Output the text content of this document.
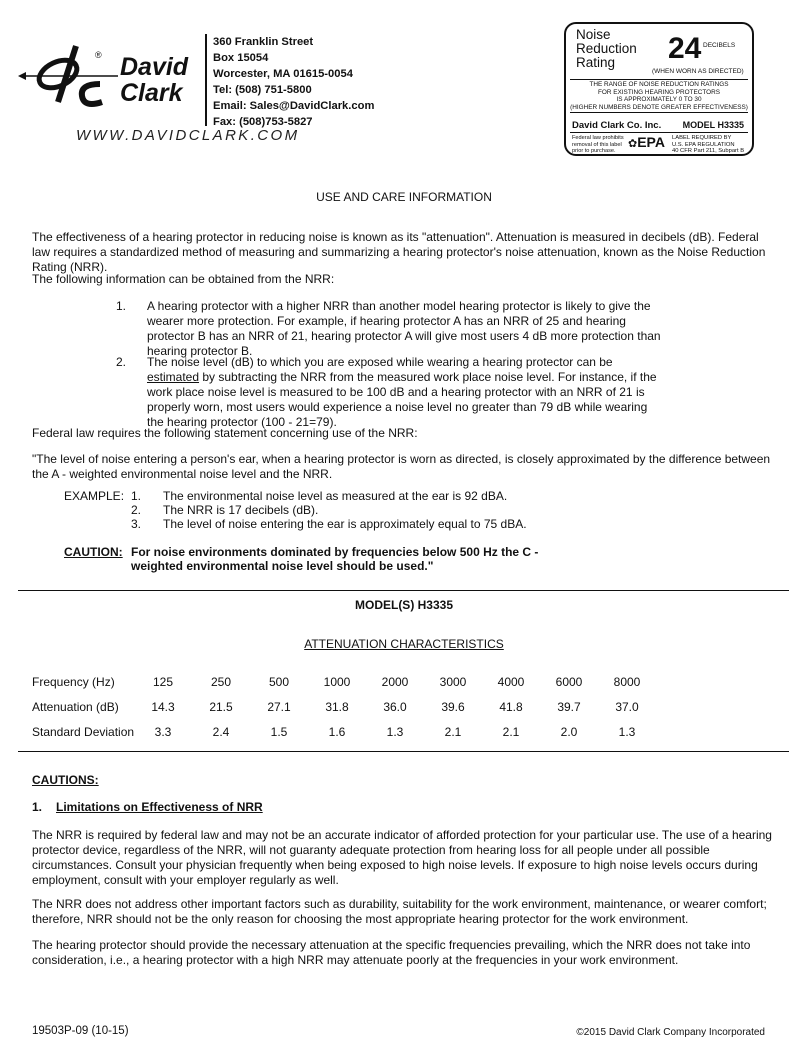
® David
Clark
WWW.DAVIDCLARK.COM
360 Franklin Street
Box 15054
Worcester, MA 01615-0054
Tel: (508) 751-5800
Email: Sales@DavidClark.com
Fax: (508)753-5827
Noise
Reduction
Rating	24 DECIBELS
(WHEN WORN AS DIRECTED)
THE RANGE OF NOISE REDUCTION RATINGS
FOR EXISTING HEARING PROTECTORS
IS APPROXIMATELY 0 TO 30
(HIGHER NUMBERS DENOTE GREATER EFFECTIVENESS)
David Clark Co. Inc. MODEL H3335
Federal law prohibits
removal of this label
prior to purchase.
✿EPA LABEL REQUIRED BY
U.S. EPA REGULATION
40 CFR Part 211, Subpart B
USE AND CARE INFORMATION
The effectiveness of a hearing protector in reducing noise is known as its "attenuation". Attenuation is measured in decibels (dB). Federal law requires a standardized method of measuring and summarizing a hearing protector's noise attenuation, known as the Noise Reduction Rating (NRR).
The following information can be obtained from the NRR:
1. A hearing protector with a higher NRR than another model hearing protector is likely to give the wearer more protection. For example, if hearing protector A has an NRR of 25 and hearing protector B has an NRR of 21, hearing protector A will give most users 4 dB more protection than hearing protector B.
2. The noise level (dB) to which you are exposed while wearing a hearing protector can be estimated by subtracting the NRR from the measured work place noise level. For instance, if the work place noise level is measured to be 100 dB and a hearing protector with an NRR of 21 is properly worn, most users would experience a noise level no greater than 79 dB while wearing the hearing protector (100 - 21=79).
Federal law requires the following statement concerning use of the NRR:
"The level of noise entering a person's ear, when a hearing protector is worn as directed, is closely approximated by the difference between the A - weighted environmental noise level and the NRR.
EXAMPLE: 1. The environmental noise level as measured at the ear is 92 dBA.
2. The NRR is 17 decibels (dB).
3. The level of noise entering the ear is approximately equal to 75 dBA.
CAUTION: For noise environments dominated by frequencies below 500 Hz the C -
weighted environmental noise level should be used."
MODEL(S) H3335
ATTENUATION CHARACTERISTICS
Frequency (Hz)	125	250	500	1000	2000	3000	4000	6000	8000
Attenuation (dB)	14.3	21.5	27.1	31.8	36.0	39.6	41.8	39.7	37.0
Standard Deviation	3.3	2.4	1.5	1.6	1.3	2.1	2.1	2.0	1.3
CAUTIONS:
1. Limitations on Effectiveness of NRR
The NRR is required by federal law and may not be an accurate indicator of afforded protection for your particular use. The use of a hearing protector device, regardless of the NRR, will not guaranty adequate protection from hearing loss for all people under all possible circumstances. Consult your physician frequently when being exposed to high noise levels. If exposure to high noise levels occurs during employment, consult with your employer regularly as well.
The NRR does not address other important factors such as durability, suitability for the work environment, maintenance, or wearer comfort; therefore, NRR should not be the only reason for choosing the most appropriate hearing protector for the work environment.
The hearing protector should provide the necessary attenuation at the specific frequencies prevailing, which the NRR does not take into consideration, i.e., a hearing protector with a high NRR may attenuate poorly at the frequencies in your work environment.
19503P-09 (10-15)	©2015 David Clark Company Incorporated
